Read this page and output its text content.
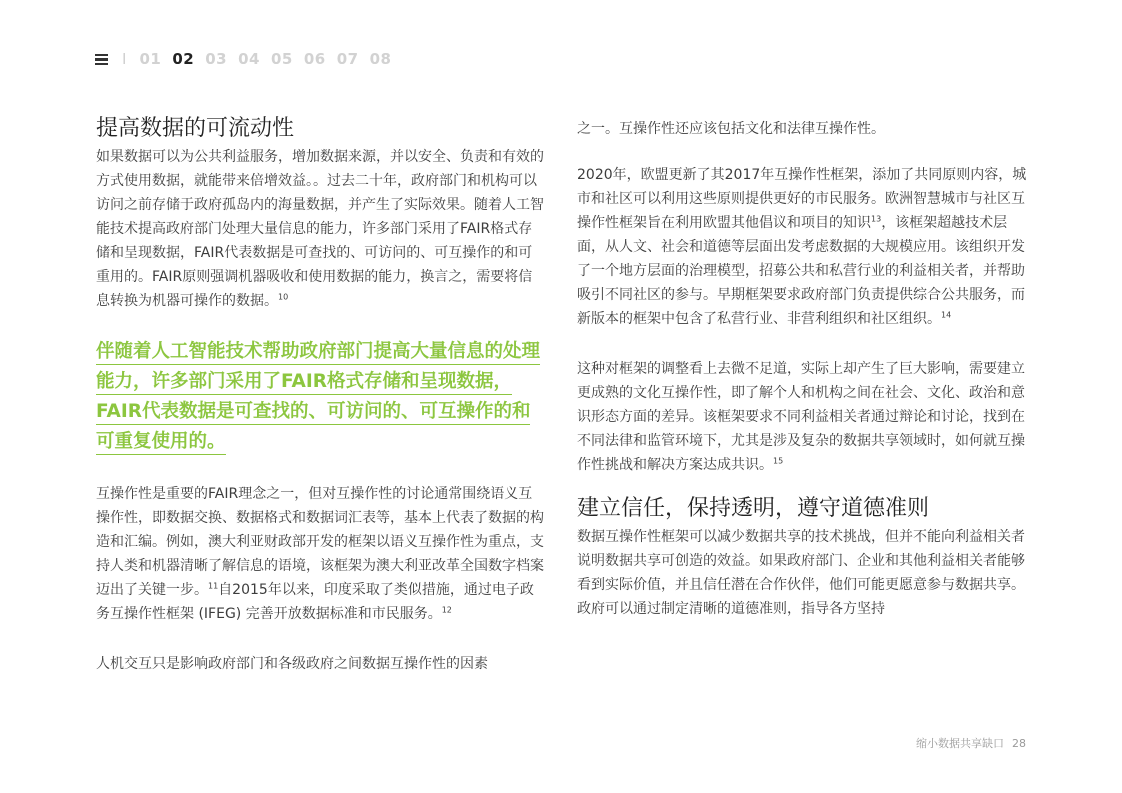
I 01 02 03 04 05 06 07 08
提高数据的可流动性

如果数据可以为公共利益服务，增加数据来源，并以安全、负责和有效的方式使用数据，就能带来倍增效益。。过去二十年，政府部门和机构可以访问之前存储于政府孤岛内的海量数据，并产生了实际效果。随着人工智能技术提高政府部门处理大量信息的能力，许多部门采用了FAIR格式存储和呈现数据，FAIR代表数据是可查找的、可访问的、可互操作的和可重用的。FAIR原则强调机器吸收和使用数据的能力，换言之，需要将信息转换为机器可操作的数据。$^{10}$

伴随着人工智能技术帮助政府部门提高大量信息的处理能力，许多部门采用了FAIR格式存储和呈现数据，FAIR代表数据是可查找的、可访问的、可互操作的和可重复使用的。

互操作性是重要的FAIR理念之一，但对互操作性的讨论通常围绕语义互操作性，即数据交换、数据格式和数据词汇表等，基本上代表了数据的构造和汇编。例如，澳大利亚财政部开发的框架以语义互操作性为重点，支持人类和机器清晰了解信息的语境，该框架为澳大利亚改革全国数字档案迈出了关键一步。$^{11}$自2015年以来，印度采取了类似措施，通过电子政务互操作性框架 (IFEG) 完善开放数据标准和市民服务。$^{12}$

人机交互只是影响政府部门和各级政府之间数据互操作性的因素

之一。互操作性还应该包括文化和法律互操作性。

2020年，欧盟更新了其2017年互操作性框架，添加了共同原则内容，城市和社区可以利用这些原则提供更好的市民服务。欧洲智慧城市与社区互操作性框架旨在利用欧盟其他倡议和项目的知识$^{13}$，该框架超越技术层面，从人文、社会和道德等层面出发考虑数据的大规模应用。该组织开发了一个地方层面的治理模型，招募公共和私营行业的利益相关者，并帮助吸引不同社区的参与。早期框架要求政府部门负责提供综合公共服务，而新版本的框架中包含了私营行业、非营利组织和社区组织。$^{14}$

这种对框架的调整看上去微不足道，实际上却产生了巨大影响，需要建立更成熟的文化互操作性，即了解个人和机构之间在社会、文化、政治和意识形态方面的差异。该框架要求不同利益相关者通过辩论和讨论，找到在不同法律和监管环境下，尤其是涉及复杂的数据共享领域时，如何就互操作性挑战和解决方案达成共识。$^{15}$

建立信任，保持透明，遵守道德准则

数据互操作性框架可以减少数据共享的技术挑战，但并不能向利益相关者说明数据共享可创造的效益。如果政府部门、企业和其他利益相关者能够看到实际价值，并且信任潜在合作伙伴，他们可能更愿意参与数据共享。政府可以通过制定清晰的道德准则，指导各方坚持

缩小数据共享缺口 28
